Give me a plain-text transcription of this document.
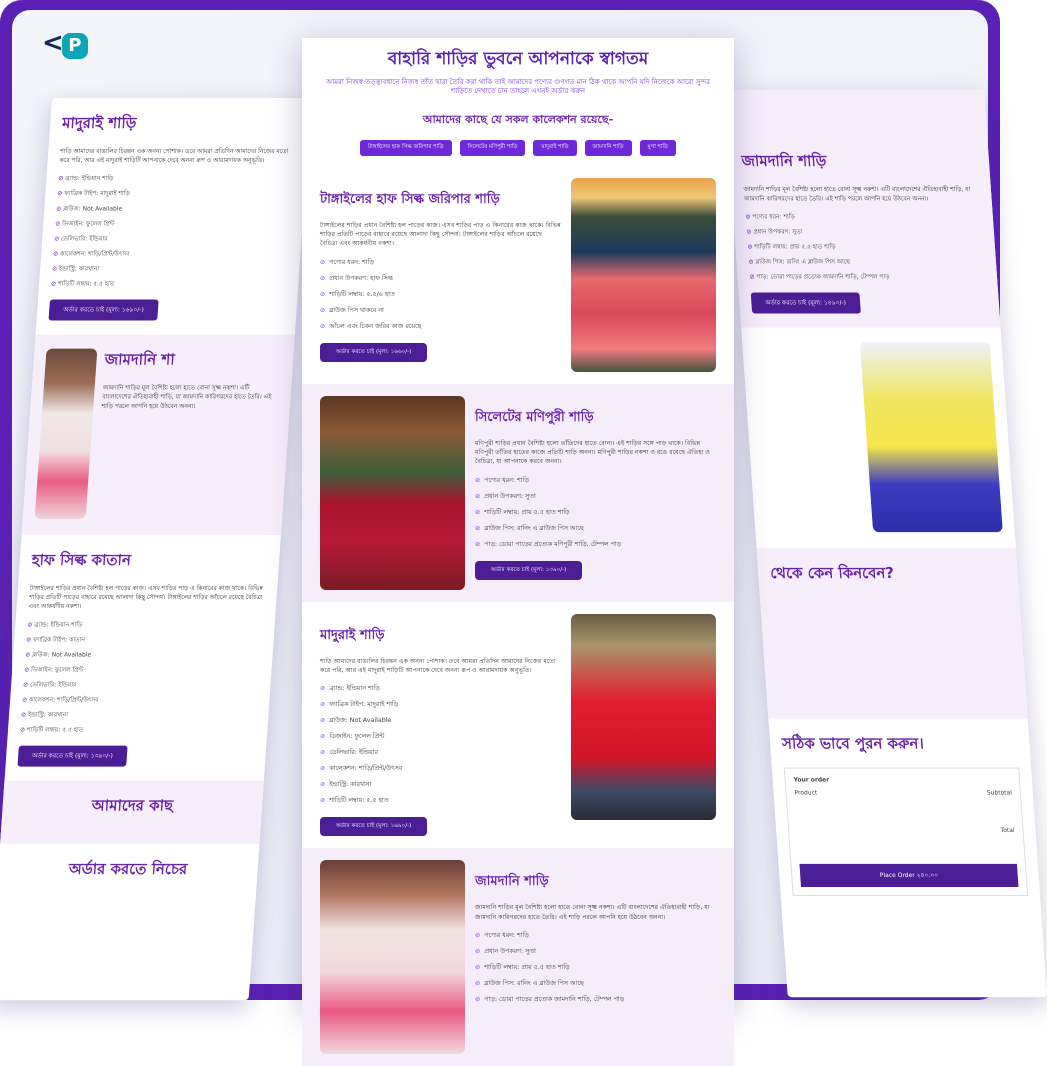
< P
মাদুরাই শাড়ি

শাড়ি আমাদের বাঙালির চিরন্তন এক অনন্য পোশাক। তবে আমরা প্রতিদিন আমাদের নিজের মতো করে পরি, আর এই মাদুরাই শাড়িটি আপনাকে দেবে অনন্য রূপ ও আরামদায়ক অনুভূতি।

⊘ ব্র্যান্ড: ইন্ডিয়ান শাড়ি
⊘ ফ্যাব্রিক টাইপ: মাদুরাই শাড়ি
⊘ ব্লাউজ: Not Available
⊘ ডিজাইন: ফুলেল প্রিন্ট
⊘ ডেলিভারি: ইন্ডিয়ার
⊘ কালেকশন: শাড়ি/প্রিন্ট/উৎসব
⊘ ইন্ডাস্ট্রি: কারখানা
⊘ শাড়িটি লম্বায়: ৫.৫ হাত
অর্ডার করতে চাই (মূল্য: ১৬৯০/-)
জামদানি শা

জামদানি শাড়ির মূল বৈশিষ্ট্য হলো হাতে বোনা সূক্ষ্ম নকশা। এটি বাংলাদেশের ঐতিহ্যবাহী শাড়ি, যা জামদানি কারিগরদের হাতে তৈরি। এই শাড়ি পরলে আপনি হয়ে উঠবেন অনন্য।

হাফ সিল্ক কাতান

টাঙ্গাইলের শাড়ির প্রধান বৈশিষ্ট্য হল পাড়ের কাজ। এসব শাড়ির পাড় এ কিনারের কাজ থাকে। বিভিন্ন শাড়ির প্রতিটি পাড়ের বাহারে রয়েছে আলাদা কিছু সৌন্দর্য। টাঙ্গাইলের শাড়ির আঁচলে রয়েছে বৈচিত্র্য এবং আকর্ষণীয় নকশা।

⊘ ব্র্যান্ড: ইন্ডিয়ান শাড়ি
⊘ ফ্যাব্রিক টাইপ: কাতান
⊘ ব্লাউজ: Not Available
⊘ ডিজাইন: ফুলেল প্রিন্ট
⊘ ডেলিভারি: ইন্ডিয়ার
⊘ কালেকশন: শাড়ি/প্রিন্ট/উৎসব
⊘ ইন্ডাস্ট্রি: কারখানা
⊘ শাড়িটি লম্বায়: ৫.৫ হাত
অর্ডার করতে চাই (মূল্য: ১৩৯০/-)
আমাদের কাছ
অর্ডার করতে নিচের
জামদানি শাড়ি

জামদানি শাড়ির মূল বৈশিষ্ট্য হলো হাতে বোনা সূক্ষ্ম নকশা। এটি বাংলাদেশের ঐতিহ্যবাহী শাড়ি, যা জামদানি কারিগরদের হাতে তৈরি। এই শাড়ি পরলে আপনি হয়ে উঠবেন অনন্য।

⊘ পণ্যের ধরন: শাড়ি
⊘ প্রধান উপকরণ: সুতা
⊘ শাড়িটি লম্বায়: প্রায় ৫.৫ হাত শাড়ি
⊘ ব্লাউজ পিস: রানিং এ ব্লাউজ পিস আছে
⊘ পাড়: ডোরা পাড়ের প্রত্যেক জামদানি শাড়ি, টেম্পল পাড়
অর্ডার করতে চাই (মূল্য: ১৪৯০/-)
থেকে কেন কিনবেন?
সঠিক ভাবে পুরন করুন।
Your order
Product	Subtotal
Total
Place Order ২৪০.০০
বাহারি শাড়ির ভুবনে আপনাকে স্বাগতম
আমরা নিজস্ব তত্ত্বাবধানে নিজস্ব তাঁত দ্বারা তৈরি করা থাকি তাই আমাদের পণ্যের গুণগত মান ঠিক থাকে আপনি যদি নিজেকে আরো সুন্দর শাড়িতে দেখাতে চান তাহলে এখনই অর্ডার করুন
আমাদের কাছে যে সকল কালেকশন রয়েছে-
টাঙ্গাইলের হাফ সিল্ক জরিপার শাড়ি	সিলেটের মণিপুরী শাড়ি	মাদুরাই শাড়ি	জামদানি শাড়ি	মুগা শাড়ি
টাঙ্গাইলের হাফ সিল্ক জরিপার শাড়ি

টাঙ্গাইলের শাড়ির প্রধান বৈশিষ্ট্য হল পাড়ের কাজ। এসব শাড়ির পাড় এ কিনারের কাজ থাকে। বিভিন্ন শাড়ির প্রতিটি পাড়ের বাহারে রয়েছে আলাদা কিছু সৌন্দর্য। টাঙ্গাইলের শাড়ির আঁচলে রয়েছে বৈচিত্র্য এবং আকর্ষণীয় নকশা।

⊘ পণ্যের ধরন: শাড়ি
⊘ প্রধান উপকরণ: হাফ সিল্ক
⊘ শাড়িটি লম্বায়: ৫.৫/৬ হাত
⊘ ব্লাউজ পিস থাকবে না
⊘ আঁচল এবং চিকন জরির কাজ রয়েছে
অর্ডার করতে চাই (মূল্য: ১৬৬০/-)
সিলেটের মণিপুরী শাড়ি

মণিপুরী শাড়ির প্রধান বৈশিষ্ট্য হলো তাঁতিদের হাতে বোনা। এই শাড়ির সঙ্গে পাড় থাকে। বিভিন্ন মণিপুরী তাঁতির হাতের কাজে প্রতিটি শাড়ি অনন্য। মণিপুরী শাড়ির নকশা ও রঙে রয়েছে ঐতিহ্য ও বৈচিত্র্য, যা আপনাকে করবে অনন্য।

⊘ পণ্যের ধরন: শাড়ি
⊘ প্রধান উপকরণ: সুতা
⊘ শাড়িটি লম্বায়: প্রায় ৫.৫ হাত শাড়ি
⊘ ব্লাউজ পিস: রানিং এ ব্লাউজ পিস আছে
⊘ পাড়: ডোরা পাড়ের প্রত্যেক মণিপুরী শাড়ি, টেম্পল পাড়
অর্ডার করতে চাই (মূল্য: ১৩৯০/-)
মাদুরাই শাড়ি

শাড়ি আমাদের বাঙালির চিরন্তন এক অনন্য পোশাক। তবে আমরা প্রতিদিন আমাদের নিজের মতো করে পরি, আর এই মাদুরাই শাড়িটি আপনাকে দেবে অনন্য রূপ ও আরামদায়ক অনুভূতি।

⊘ ব্র্যান্ড: ইন্ডিয়ান শাড়ি
⊘ ফ্যাব্রিক টাইপ: মাদুরাই শাড়ি
⊘ ব্লাউজ: Not Available
⊘ ডিজাইন: ফুলেল প্রিন্ট
⊘ ডেলিভারি: ইন্ডিয়ার
⊘ কালেকশন: শাড়ি/প্রিন্ট/উৎসব
⊘ ইন্ডাস্ট্রি: কারখানা
⊘ শাড়িটি লম্বায়: ৫.৫ হাত
অর্ডার করতে চাই (মূল্য: ১৬৯০/-)
জামদানি শাড়ি

জামদানি শাড়ির মূল বৈশিষ্ট্য হলো হাতে বোনা সূক্ষ্ম নকশা। এটি বাংলাদেশের ঐতিহ্যবাহী শাড়ি, যা জামদানি কারিগরদের হাতে তৈরি। এই শাড়ি পরলে আপনি হয়ে উঠবেন অনন্য।

⊘ পণ্যের ধরন: শাড়ি
⊘ প্রধান উপকরণ: সুতা
⊘ শাড়িটি লম্বায়: প্রায় ৫.৫ হাত শাড়ি
⊘ ব্লাউজ পিস: রানিং এ ব্লাউজ পিস আছে
⊘ পাড়: ডোরা পাড়ের প্রত্যেক জামদানি শাড়ি, টেম্পল পাড়
